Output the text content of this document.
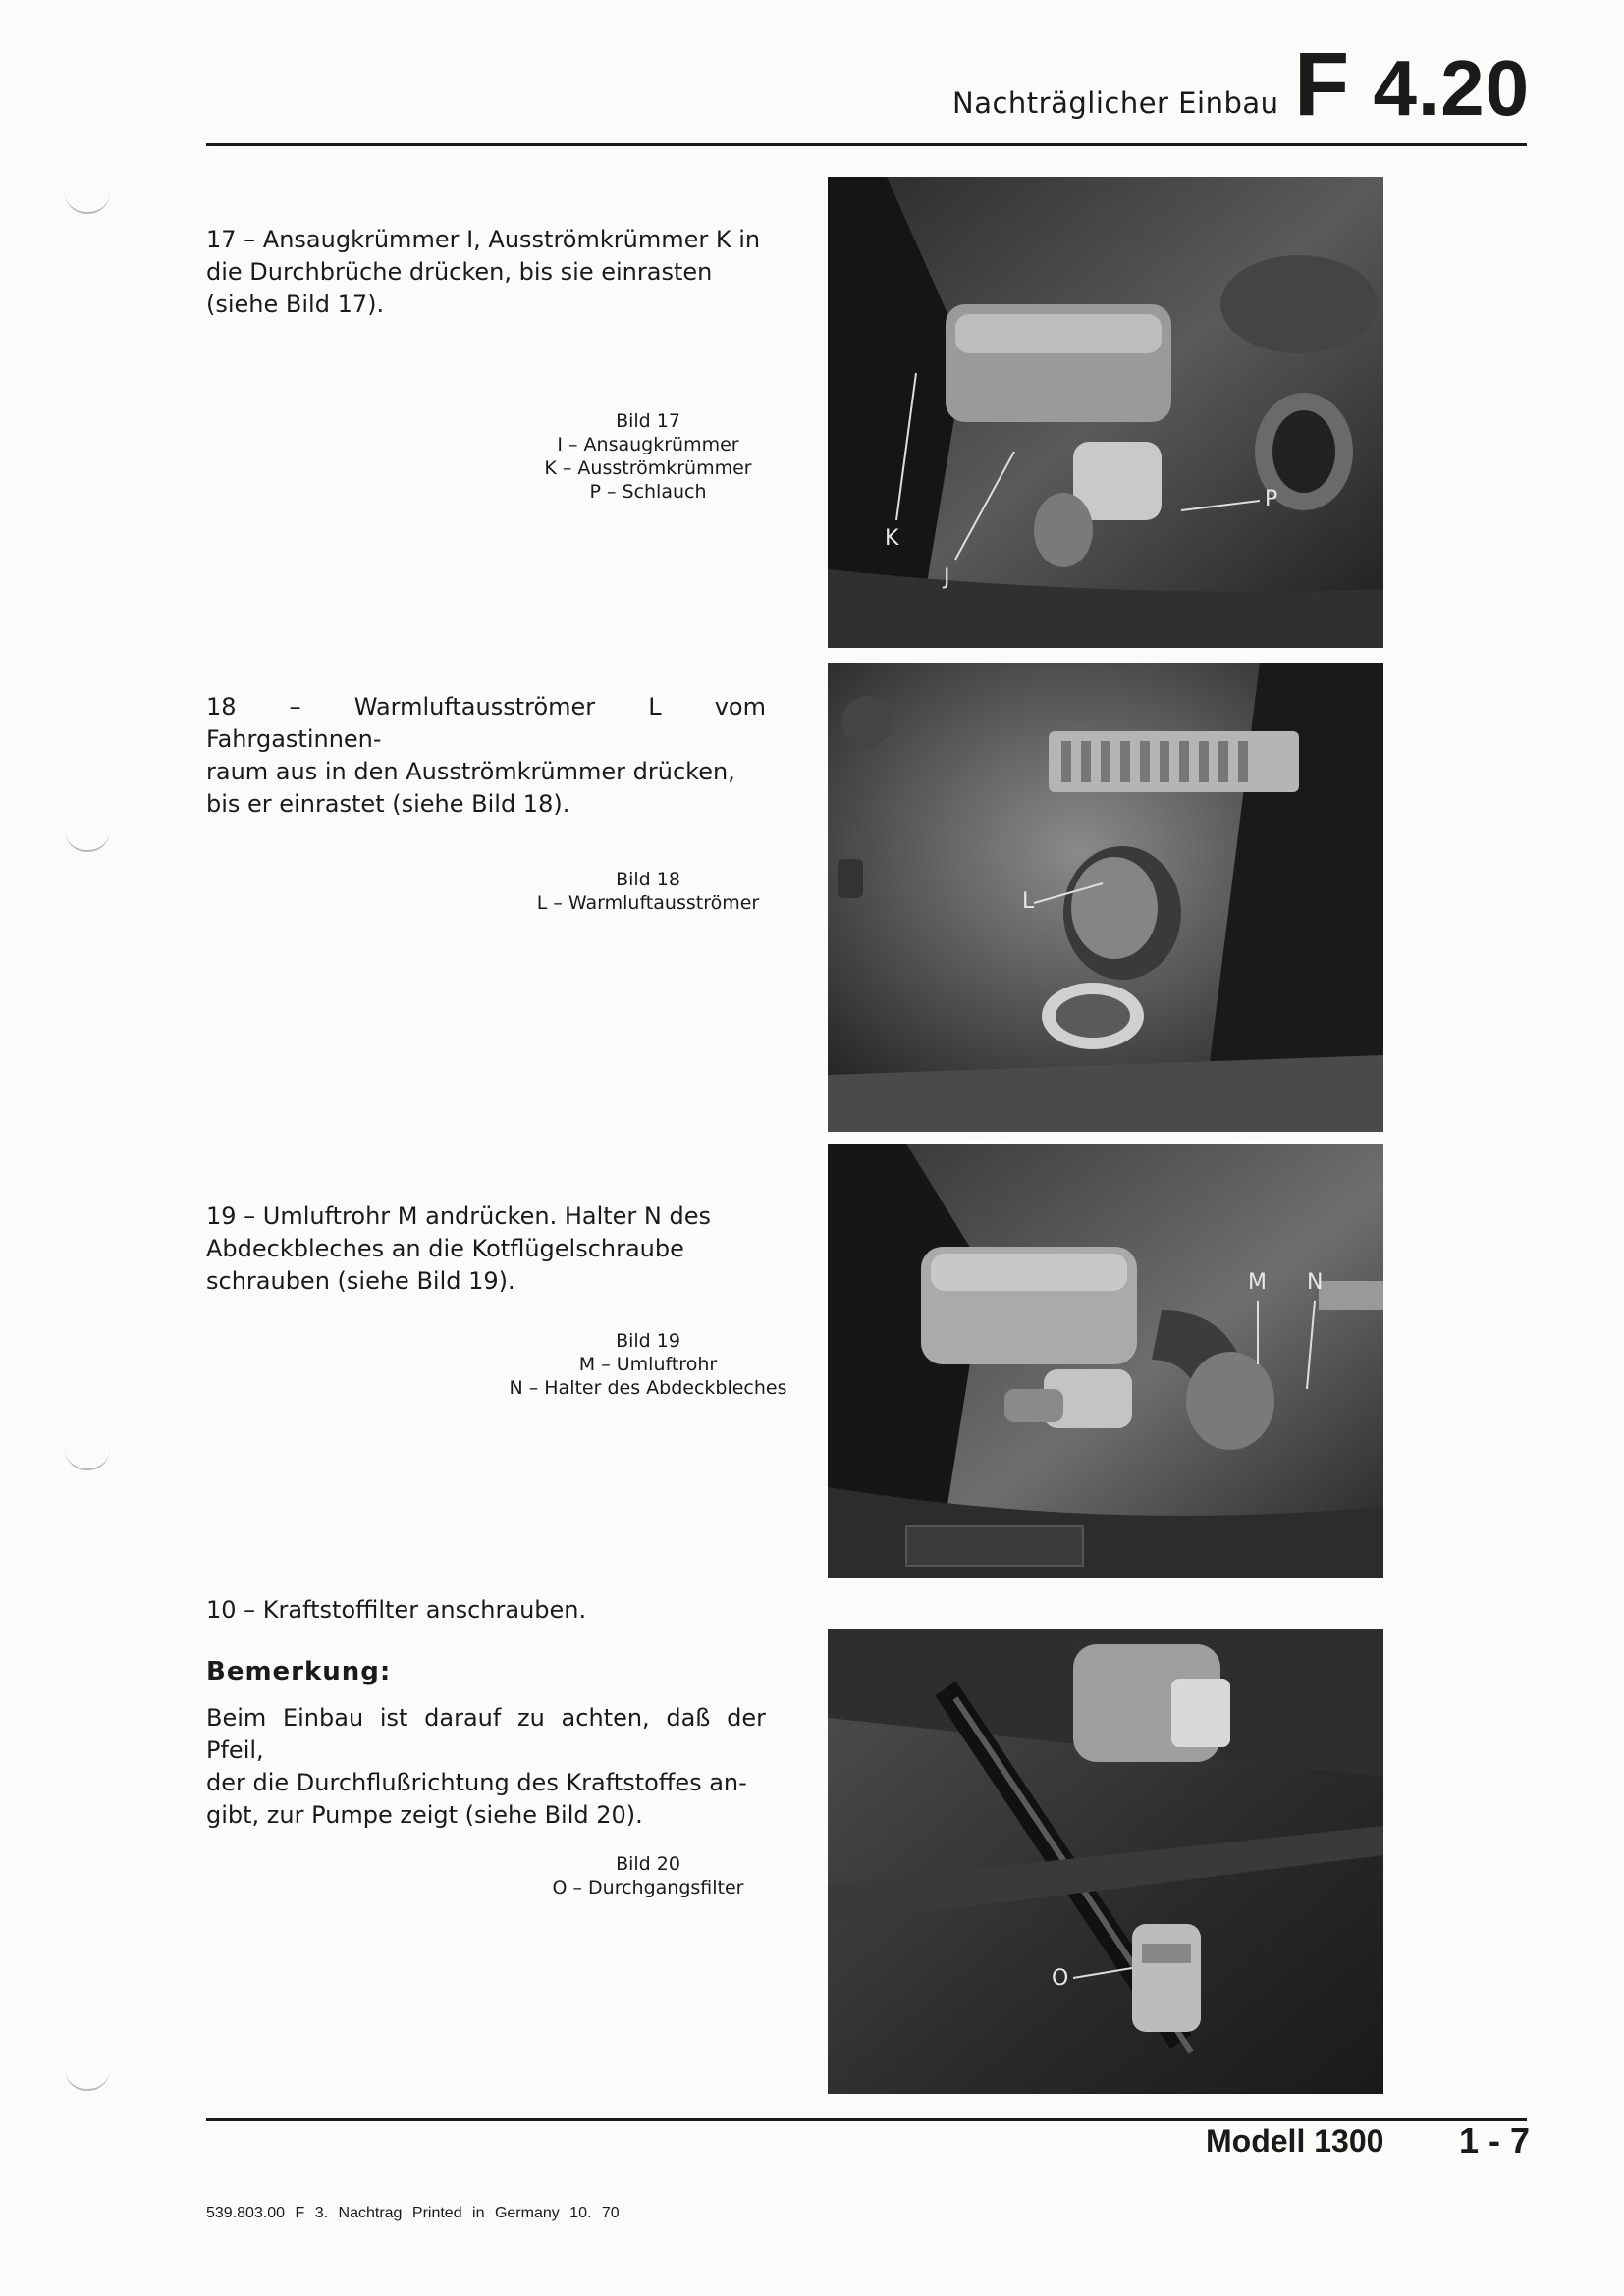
Nachträglicher Einbau F 4.20
17 – Ansaugkrümmer I, Ausströmkrümmer K in
die Durchbrüche drücken, bis sie einrasten
(siehe Bild 17).
18 – Warmluftausströmer L vom Fahrgastinnen-
raum aus in den Ausströmkrümmer drücken,
bis er einrastet (siehe Bild 18).
19 – Umluftrohr M andrücken. Halter N des
Abdeckbleches an die Kotflügelschraube
schrauben (siehe Bild 19).
10 – Kraftstoffilter anschrauben.
Bemerkung:
Beim Einbau ist darauf zu achten, daß der Pfeil,
der die Durchflußrichtung des Kraftstoffes an-
gibt, zur Pumpe zeigt (siehe Bild 20).
Bild 17
I – Ansaugkrümmer
K – Ausströmkrümmer
P – Schlauch
Bild 18
L – Warmluftausströmer
Bild 19
M – Umluftrohr
N – Halter des Abdeckbleches
Bild 20
O – Durchgangsfilter
K
J
P
L
M N
O
Modell 1300 1 - 7
539.803.00 F 3. Nachtrag Printed in Germany 10. 70
